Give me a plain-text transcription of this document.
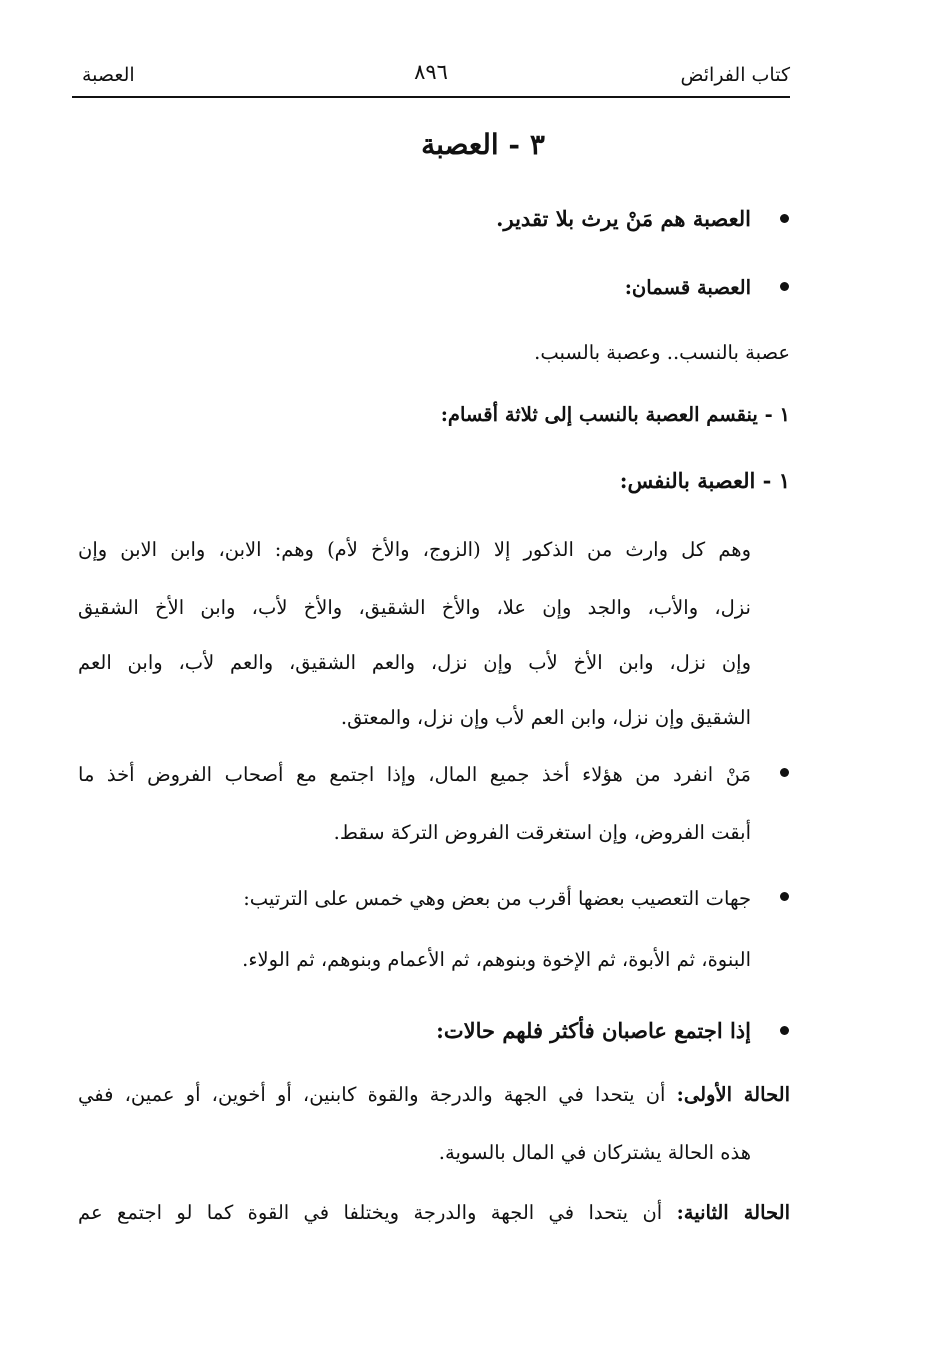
كتاب الفرائض
٨٩٦
العصبة
٣ - العصبة
العصبة هم مَنْ يرث بلا تقدير.
العصبة قسمان:
عصبة بالنسب.. وعصبة بالسبب.
١ - ينقسم العصبة بالنسب إلى ثلاثة أقسام:
١ - العصبة بالنفس:
وهم كل وارث من الذكور إلا (الزوج، والأخ لأم) وهم: الابن، وابن الابن وإن
نزل، والأب، والجد وإن علا، والأخ الشقيق، والأخ لأب، وابن الأخ الشقيق
وإن نزل، وابن الأخ لأب وإن نزل، والعم الشقيق، والعم لأب، وابن العم
الشقيق وإن نزل، وابن العم لأب وإن نزل، والمعتق.
مَنْ انفرد من هؤلاء أخذ جميع المال، وإذا اجتمع مع أصحاب الفروض أخذ ما
أبقت الفروض، وإن استغرقت الفروض التركة سقط.
جهات التعصيب بعضها أقرب من بعض وهي خمس على الترتيب:
البنوة، ثم الأبوة، ثم الإخوة وبنوهم، ثم الأعمام وبنوهم، ثم الولاء.
إذا اجتمع عاصبان فأكثر فلهم حالات:
الحالة الأولى: أن يتحدا في الجهة والدرجة والقوة كابنين، أو أخوين، أو عمين، ففي
هذه الحالة يشتركان في المال بالسوية.
الحالة الثانية: أن يتحدا في الجهة والدرجة ويختلفا في القوة كما لو اجتمع عم
